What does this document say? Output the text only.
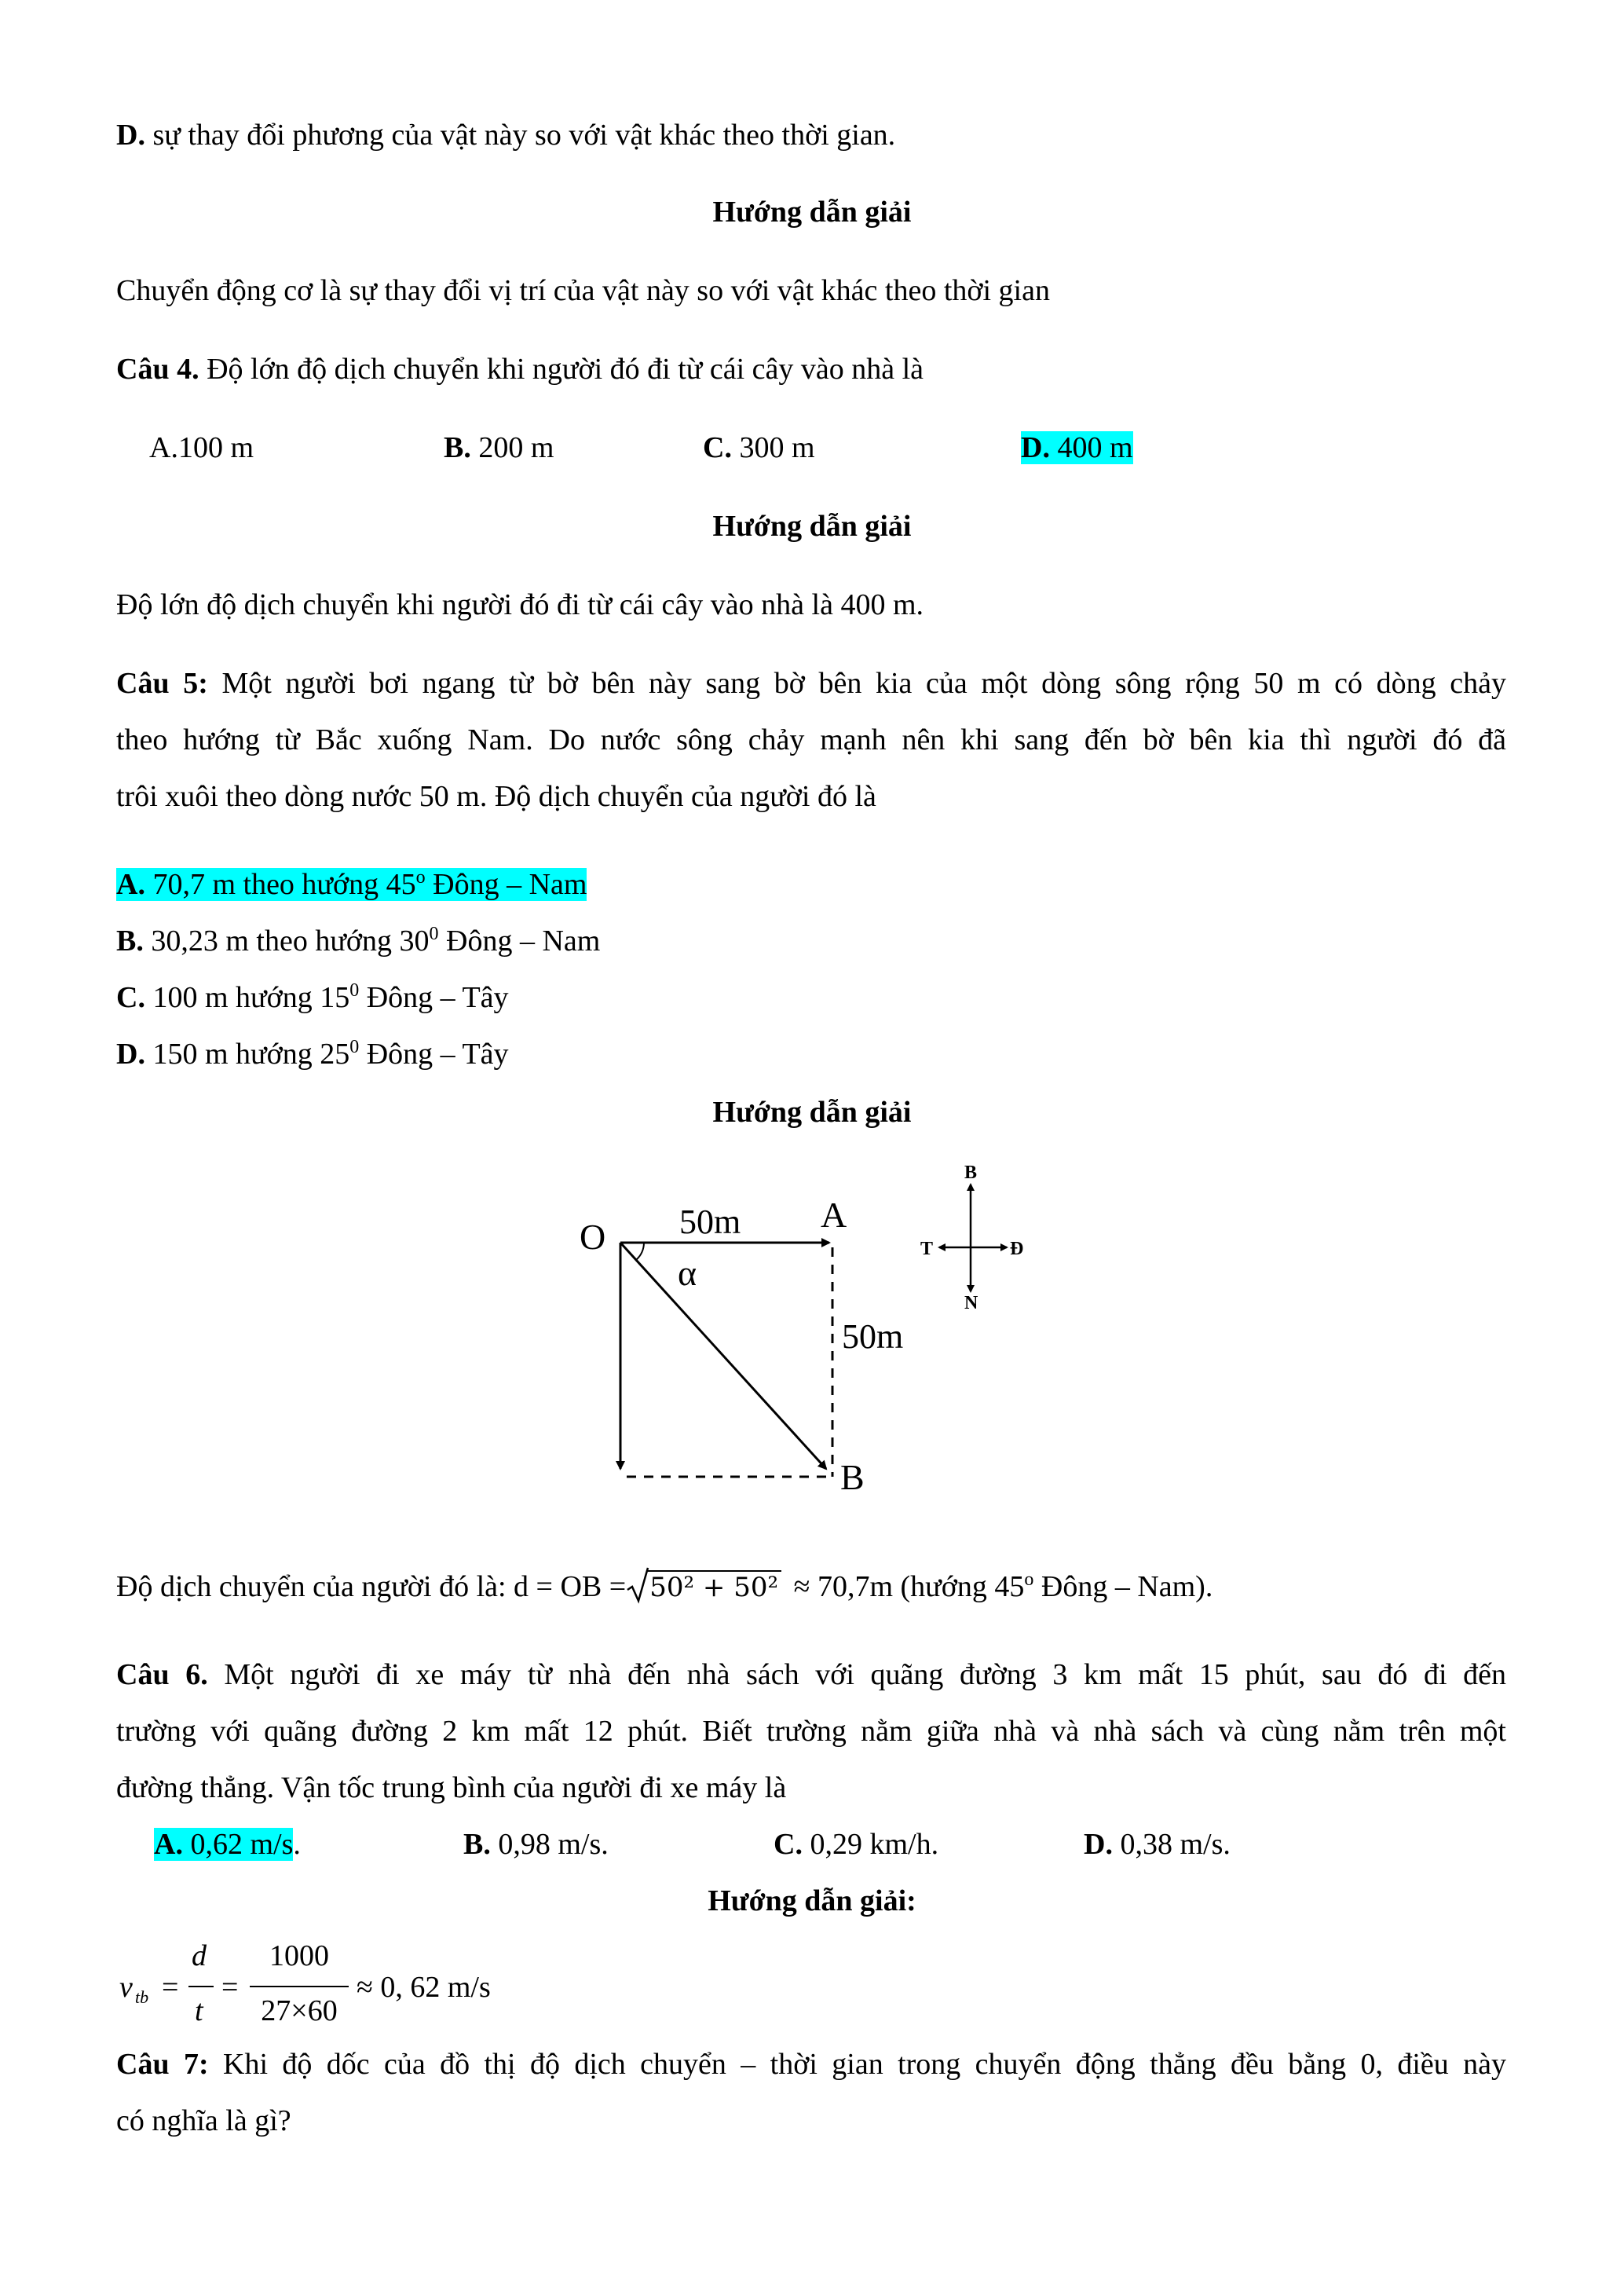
D. sự thay đổi phương của vật này so với vật khác theo thời gian.
Hướng dẫn giải
Chuyển động cơ là sự thay đổi vị trí của vật này so với vật khác theo thời gian
Câu 4. Độ lớn độ dịch chuyển khi người đó đi từ cái cây vào nhà là
A.100 m	B. 200 m	C. 300 m	D. 400 m
Hướng dẫn giải
Độ lớn độ dịch chuyển khi người đó đi từ cái cây vào nhà là 400 m.
Câu 5: Một người bơi ngang từ bờ bên này sang bờ bên kia của một dòng sông rộng 50 m có dòng chảy
theo hướng từ Bắc xuống Nam. Do nước sông chảy mạnh nên khi sang đến bờ bên kia thì người đó đã
trôi xuôi theo dòng nước 50 m. Độ dịch chuyển của người đó là
A. 70,7 m theo hướng 45$^o$ Đông – Nam
B. 30,23 m theo hướng $30^0$ Đông – Nam
C. 100 m hướng $15^0$ Đông – Tây
D. 150 m hướng $25^0$ Đông – Tây
Hướng dẫn giải
O 50m A
α
50m
B
B
N
T	Đ
Độ dịch chuyển của người đó là: d = OB = 50² + 50² ≈ 70,7m (hướng 45$^o$ Đông – Nam).
Câu 6. Một người đi xe máy từ nhà đến nhà sách với quãng đường 3 km mất 15 phút, sau đó đi đến
trường với quãng đường 2 km mất 12 phút. Biết trường nằm giữa nhà và nhà sách và cùng nằm trên một
đường thẳng. Vận tốc trung bình của người đi xe máy là
A. 0,62 m/s.	B. 0,98 m/s.	C. 0,29 km/h.	D. 0,38 m/s.
Hướng dẫn giải:
v tb =
d
t
=
1000
27×60
≈ 0, 62 m/s
Câu 7: Khi độ dốc của đồ thị độ dịch chuyển – thời gian trong chuyển động thẳng đều bằng 0, điều này
có nghĩa là gì?
